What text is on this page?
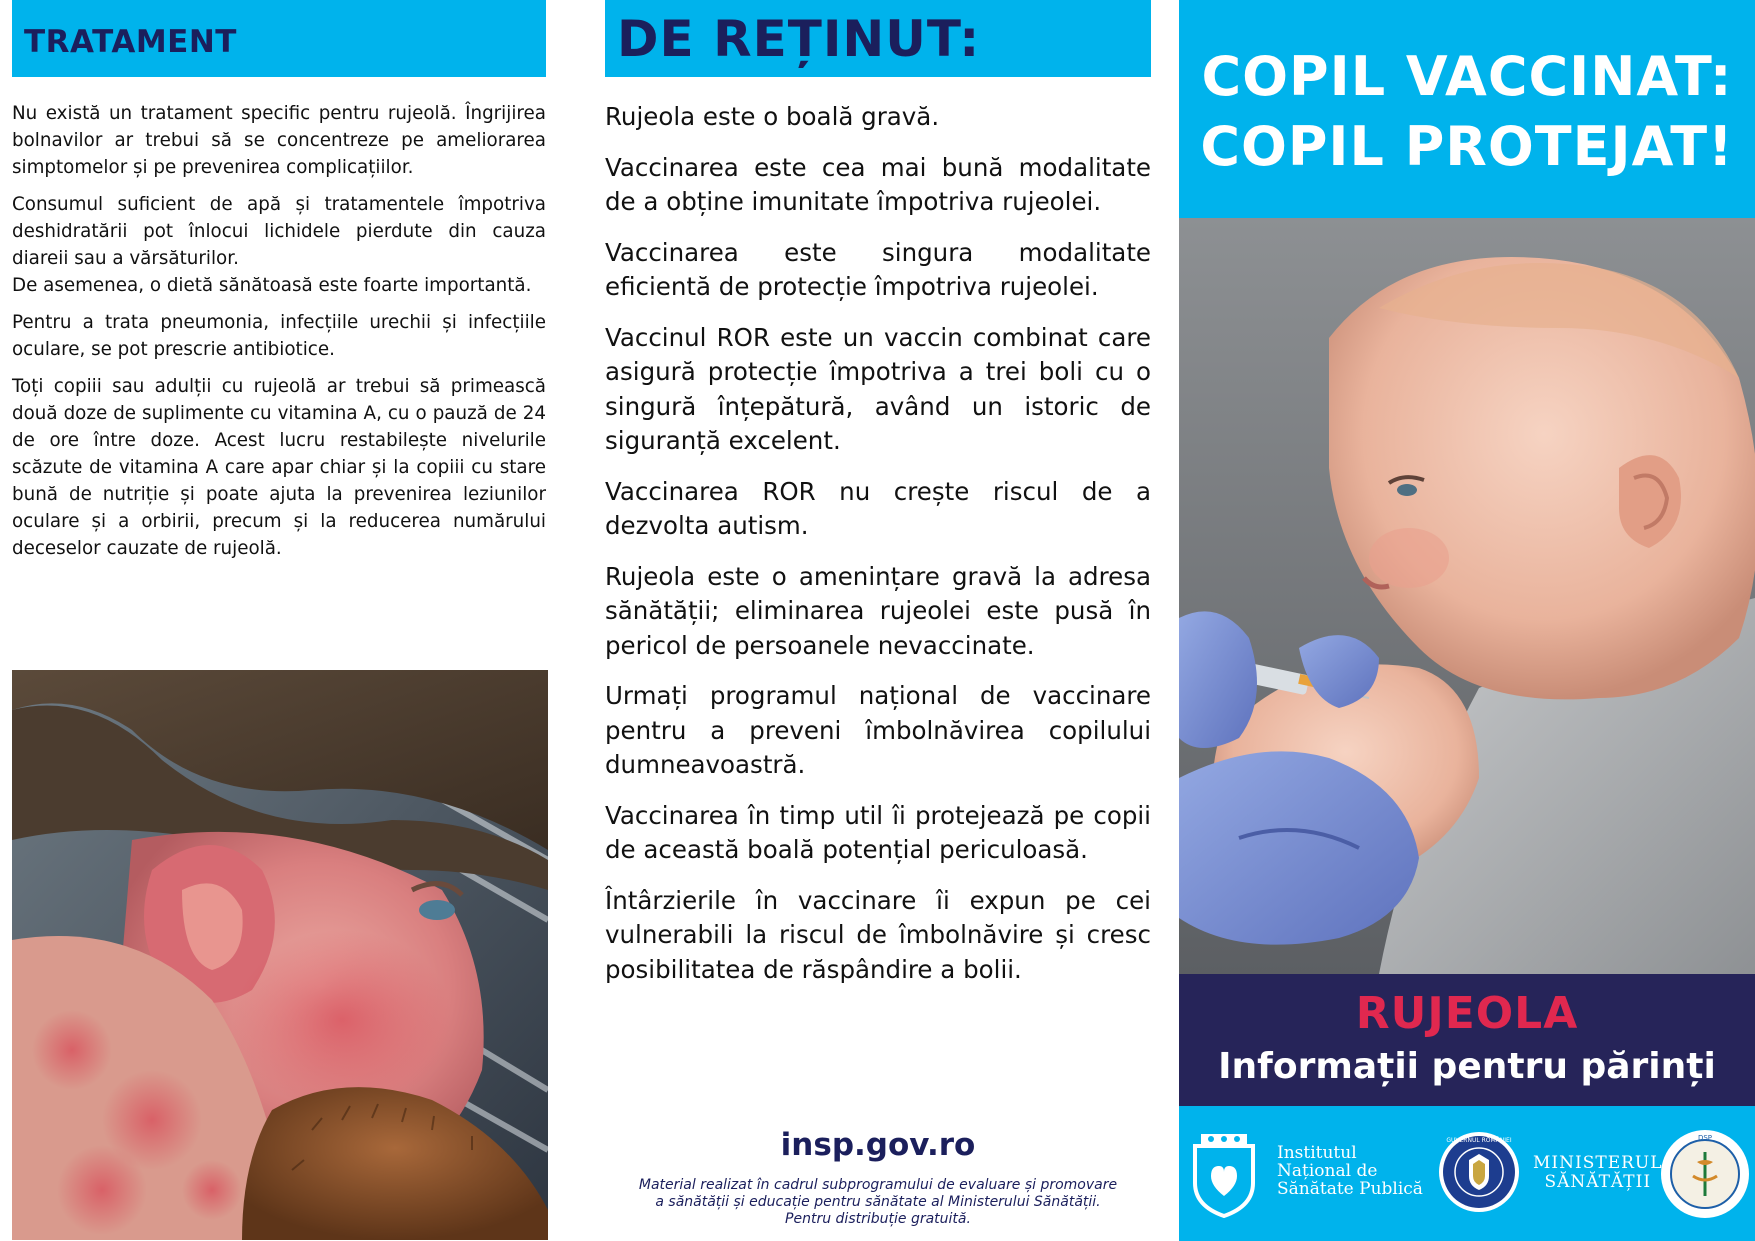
TRATAMENT

Nu există un tratament specific pentru rujeolă. Îngrijirea bolnavilor ar trebui să se concentreze pe ameliorarea simptomelor și pe prevenirea complicațiilor.

Consumul suficient de apă și tratamentele împotriva deshidratării pot înlocui lichidele pierdute din cauza diareii sau a vărsăturilor.

De asemenea, o dietă sănătoasă este foarte importantă.

Pentru a trata pneumonia, infecțiile urechii și infecțiile oculare, se pot prescrie antibiotice.

Toți copiii sau adulții cu rujeolă ar trebui să primească două doze de suplimente cu vitamina A, cu o pauză de 24 de ore între doze. Acest lucru restabilește nivelurile scăzute de vitamina A care apar chiar și la copiii cu stare bună de nutriție și poate ajuta la prevenirea leziunilor oculare și a orbirii, precum și la reducerea numărului deceselor cauzate de rujeolă.

DE REȚINUT:

Rujeola este o boală gravă.

Vaccinarea este cea mai bună modalitate de a obține imunitate împotriva rujeolei.

Vaccinarea este singura modalitate eficientă de protecție împotriva rujeolei.

Vaccinul ROR este un vaccin combinat care asigură protecție împotriva a trei boli cu o singură înțepătură, având un istoric de siguranță excelent.

Vaccinarea ROR nu crește riscul de a dezvolta autism.

Rujeola este o amenințare gravă la adresa sănătății; eliminarea rujeolei este pusă în pericol de persoanele nevaccinate.

Urmați programul național de vaccinare pentru a preveni îmbolnăvirea copilului dumneavoastră.

Vaccinarea în timp util îi protejează pe copii de această boală potențial periculoasă.

Întârzierile în vaccinare îi expun pe cei vulnerabili la riscul de îmbolnăvire și cresc posibilitatea de răspândire a bolii.

insp.gov.ro
Material realizat în cadrul subprogramului de evaluare și promovare
a sănătății și educație pentru sănătate al Ministerului Sănătății.
Pentru distribuție gratuită.
COPIL VACCINAT:
COPIL PROTEJAT!
RUJEOLA
Informații pentru părinți
Institutul
Național de
Sănătate Publică
GUVERNUL ROMÂNIEI
MINISTERUL
SĂNĂTĂȚII
DSP
